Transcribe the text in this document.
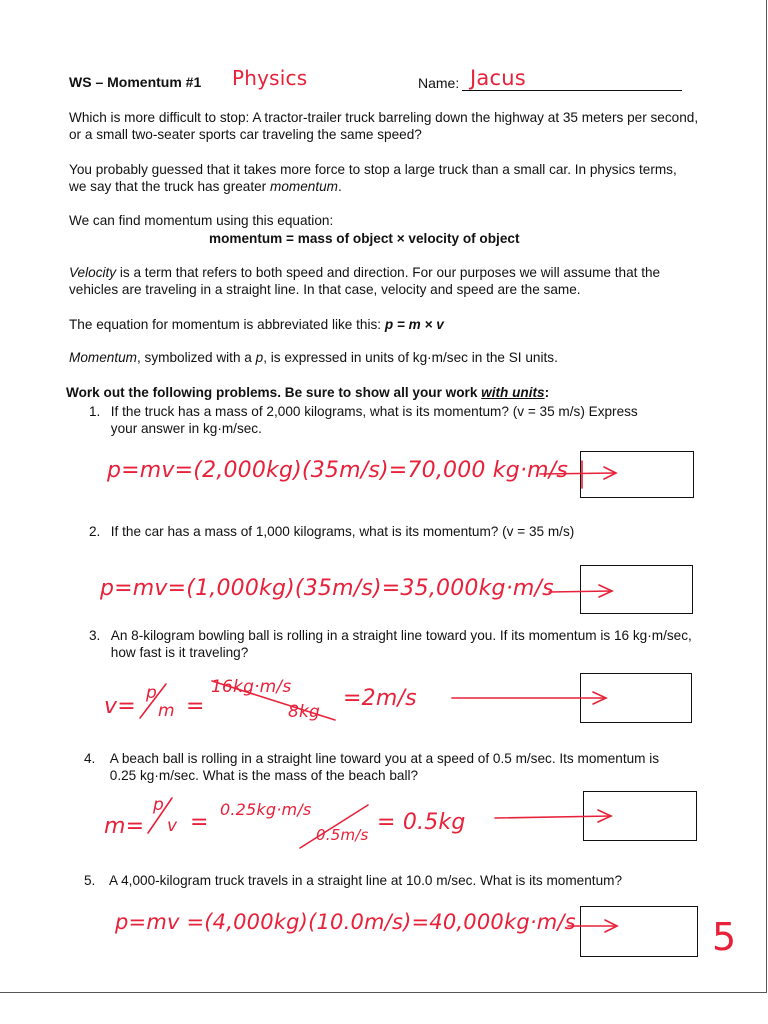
WS – Momentum #1 Physics	Name: Jacus
Which is more difficult to stop: A tractor-trailer truck barreling down the highway at 35 meters per second, or a small two-seater sports car traveling the same speed?
You probably guessed that it takes more force to stop a large truck than a small car. In physics terms, we say that the truck has greater momentum.
We can find momentum using this equation:
momentum = mass of object × velocity of object
Velocity is a term that refers to both speed and direction. For our purposes we will assume that the vehicles are traveling in a straight line. In that case, velocity and speed are the same.
The equation for momentum is abbreviated like this: p = m × v
Momentum, symbolized with a p, is expressed in units of kg·m/sec in the SI units.
Work out the following problems. Be sure to show all your work with units:
1. If the truck has a mass of 2,000 kilograms, what is its momentum? (v = 35 m/s) Express your answer in kg·m/sec.
p=mv=(2,000kg)(35m/s)=70,000 kg·m/s
2. If the car has a mass of 1,000 kilograms, what is its momentum? (v = 35 m/s)
p=mv=(1,000kg)(35m/s)=35,000kg·m/s
3. An 8-kilogram bowling ball is rolling in a straight line toward you. If its momentum is 16 kg·m/sec, how fast is it traveling?
v=
p
m =
16kg·m/s
8kg
=2m/s
4. A beach ball is rolling in a straight line toward you at a speed of 0.5 m/sec. Its momentum is 0.25 kg·m/sec. What is the mass of the beach ball?
m=
p
v =
0.25kg·m/s
0.5m/s = 0.5kg
5. A 4,000-kilogram truck travels in a straight line at 10.0 m/sec. What is its momentum?
p=mv =(4,000kg)(10.0m/s)=40,000kg·m/s	5
